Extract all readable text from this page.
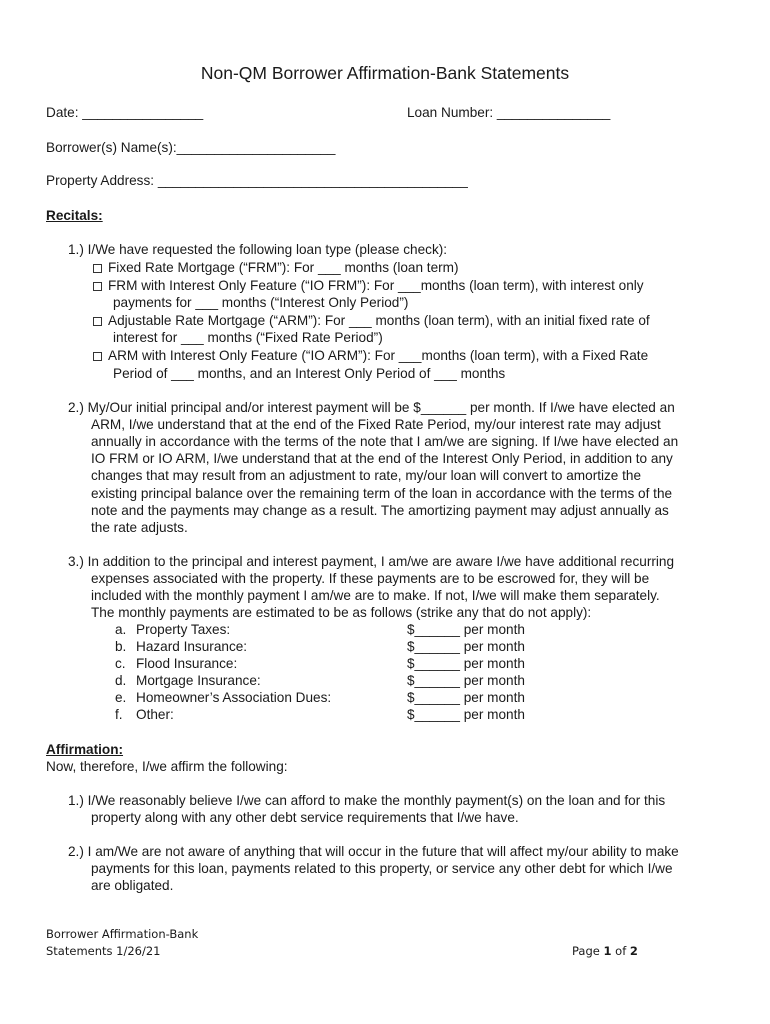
Non-QM Borrower Affirmation-Bank Statements
Date: ________________	Loan Number: _______________
Borrower(s) Name(s):_____________________
Property Address: _________________________________________
Recitals:
1.) I/We have requested the following loan type (please check):
Fixed Rate Mortgage (“FRM”): For ___ months (loan term)
FRM with Interest Only Feature (“IO FRM”): For ___months (loan term), with interest only
payments for ___ months (“Interest Only Period”)
Adjustable Rate Mortgage (“ARM”): For ___ months (loan term), with an initial fixed rate of
interest for ___ months (“Fixed Rate Period”)
ARM with Interest Only Feature (“IO ARM”): For ___months (loan term), with a Fixed Rate
Period of ___ months, and an Interest Only Period of ___ months
2.) My/Our initial principal and/or interest payment will be $______ per month. If I/we have elected an
ARM, I/we understand that at the end of the Fixed Rate Period, my/our interest rate may adjust
annually in accordance with the terms of the note that I am/we are signing. If I/we have elected an
IO FRM or IO ARM, I/we understand that at the end of the Interest Only Period, in addition to any
changes that may result from an adjustment to rate, my/our loan will convert to amortize the
existing principal balance over the remaining term of the loan in accordance with the terms of the
note and the payments may change as a result. The amortizing payment may adjust annually as
the rate adjusts.
3.) In addition to the principal and interest payment, I am/we are aware I/we have additional recurring
expenses associated with the property. If these payments are to be escrowed for, they will be
included with the monthly payment I am/we are to make. If not, I/we will make them separately.
The monthly payments are estimated to be as follows (strike any that do not apply):
a. Property Taxes:	$______ per month
b. Hazard Insurance:	$______ per month
c. Flood Insurance:	$______ per month
d. Mortgage Insurance:	$______ per month
e. Homeowner’s Association Dues:	$______ per month
f. Other:	$______ per month
Affirmation:
Now, therefore, I/we affirm the following:
1.) I/We reasonably believe I/we can afford to make the monthly payment(s) on the loan and for this
property along with any other debt service requirements that I/we have.
2.) I am/We are not aware of anything that will occur in the future that will affect my/our ability to make
payments for this loan, payments related to this property, or service any other debt for which I/we
are obligated.
Borrower Affirmation-Bank
Statements 1/26/21	Page 1 of 2
